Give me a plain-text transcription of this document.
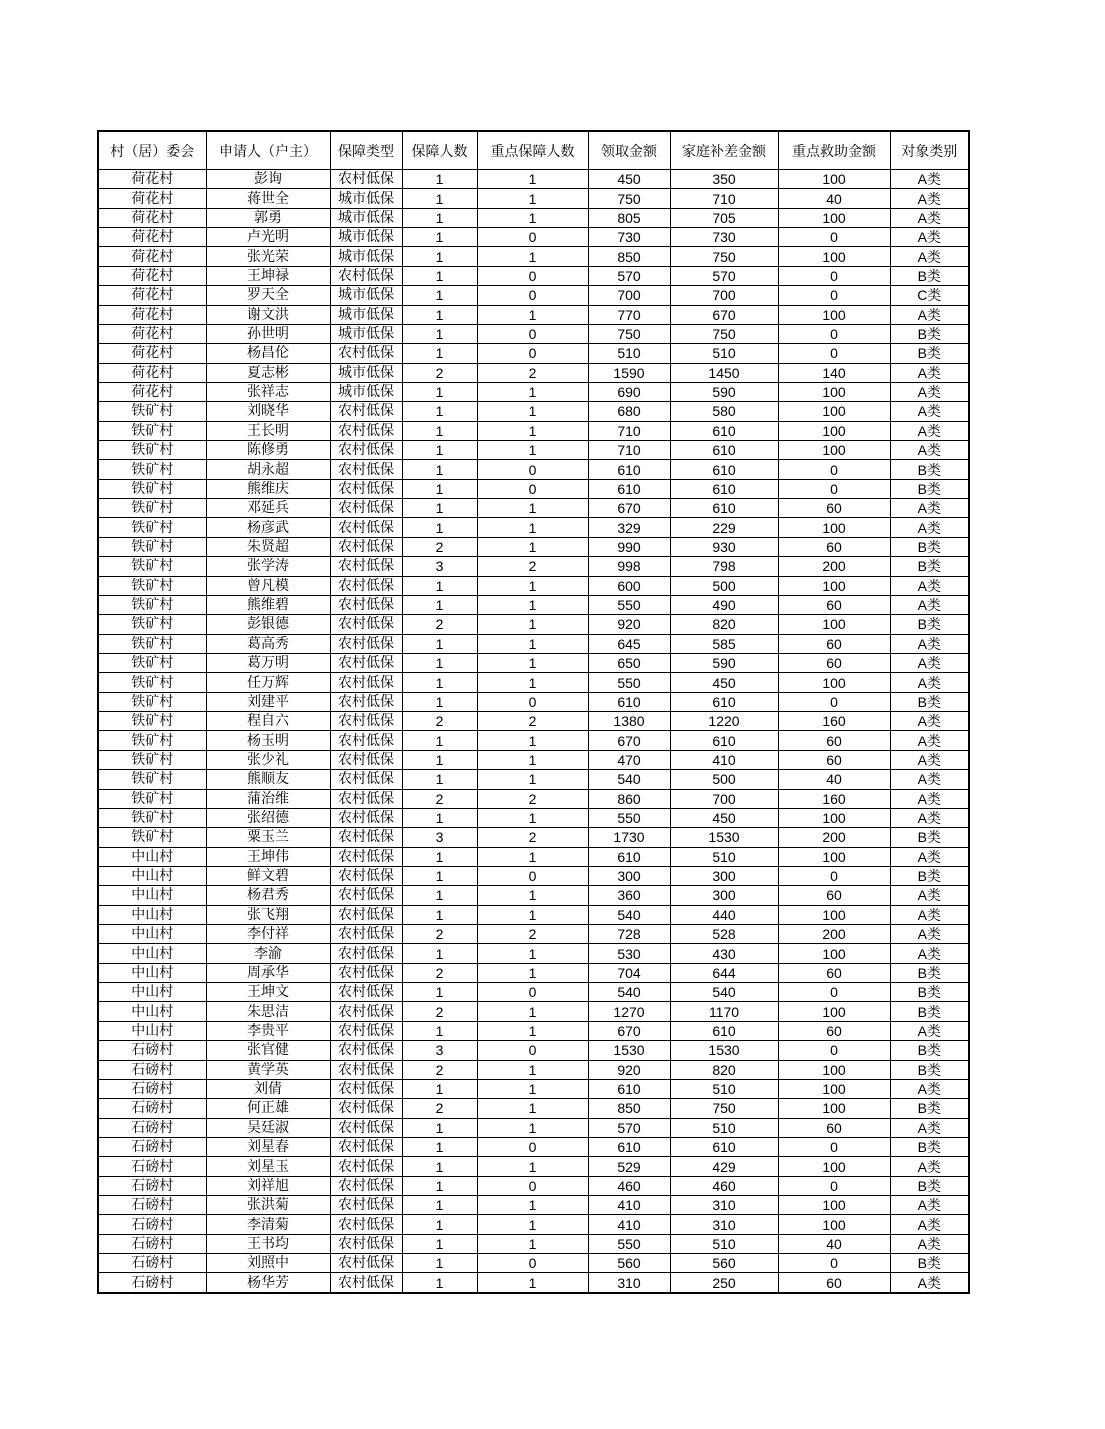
村（居）委会	申请人（户主）	保障类型	保障人数	重点保障人数	领取金额	家庭补差金额	重点救助金额	对象类别
荷花村	彭询	农村低保	1	1	450	350	100	A类
荷花村	蒋世全	城市低保	1	1	750	710	40	A类
荷花村	郭勇	城市低保	1	1	805	705	100	A类
荷花村	卢光明	城市低保	1	0	730	730	0	A类
荷花村	张光荣	城市低保	1	1	850	750	100	A类
荷花村	王坤禄	农村低保	1	0	570	570	0	B类
荷花村	罗天全	城市低保	1	0	700	700	0	C类
荷花村	谢文洪	城市低保	1	1	770	670	100	A类
荷花村	孙世明	城市低保	1	0	750	750	0	B类
荷花村	杨昌伦	农村低保	1	0	510	510	0	B类
荷花村	夏志彬	城市低保	2	2	1590	1450	140	A类
荷花村	张祥志	城市低保	1	1	690	590	100	A类
铁矿村	刘晓华	农村低保	1	1	680	580	100	A类
铁矿村	王长明	农村低保	1	1	710	610	100	A类
铁矿村	陈修勇	农村低保	1	1	710	610	100	A类
铁矿村	胡永超	农村低保	1	0	610	610	0	B类
铁矿村	熊维庆	农村低保	1	0	610	610	0	B类
铁矿村	邓延兵	农村低保	1	1	670	610	60	A类
铁矿村	杨彦武	农村低保	1	1	329	229	100	A类
铁矿村	朱贤超	农村低保	2	1	990	930	60	B类
铁矿村	张学涛	农村低保	3	2	998	798	200	B类
铁矿村	曾凡模	农村低保	1	1	600	500	100	A类
铁矿村	熊维碧	农村低保	1	1	550	490	60	A类
铁矿村	彭银德	农村低保	2	1	920	820	100	B类
铁矿村	葛高秀	农村低保	1	1	645	585	60	A类
铁矿村	葛万明	农村低保	1	1	650	590	60	A类
铁矿村	任万辉	农村低保	1	1	550	450	100	A类
铁矿村	刘建平	农村低保	1	0	610	610	0	B类
铁矿村	程自六	农村低保	2	2	1380	1220	160	A类
铁矿村	杨玉明	农村低保	1	1	670	610	60	A类
铁矿村	张少礼	农村低保	1	1	470	410	60	A类
铁矿村	熊顺友	农村低保	1	1	540	500	40	A类
铁矿村	蒲治维	农村低保	2	2	860	700	160	A类
铁矿村	张绍德	农村低保	1	1	550	450	100	A类
铁矿村	粟玉兰	农村低保	3	2	1730	1530	200	B类
中山村	王坤伟	农村低保	1	1	610	510	100	A类
中山村	鲜文碧	农村低保	1	0	300	300	0	B类
中山村	杨君秀	农村低保	1	1	360	300	60	A类
中山村	张飞翔	农村低保	1	1	540	440	100	A类
中山村	李付祥	农村低保	2	2	728	528	200	A类
中山村	李渝	农村低保	1	1	530	430	100	A类
中山村	周承华	农村低保	2	1	704	644	60	B类
中山村	王坤文	农村低保	1	0	540	540	0	B类
中山村	朱思洁	农村低保	2	1	1270	1170	100	B类
中山村	李贵平	农村低保	1	1	670	610	60	A类
石磅村	张官健	农村低保	3	0	1530	1530	0	B类
石磅村	黄学英	农村低保	2	1	920	820	100	B类
石磅村	刘倩	农村低保	1	1	610	510	100	A类
石磅村	何正雄	农村低保	2	1	850	750	100	B类
石磅村	吴廷淑	农村低保	1	1	570	510	60	A类
石磅村	刘星春	农村低保	1	0	610	610	0	B类
石磅村	刘星玉	农村低保	1	1	529	429	100	A类
石磅村	刘祥旭	农村低保	1	0	460	460	0	B类
石磅村	张洪菊	农村低保	1	1	410	310	100	A类
石磅村	李清菊	农村低保	1	1	410	310	100	A类
石磅村	王书均	农村低保	1	1	550	510	40	A类
石磅村	刘照中	农村低保	1	0	560	560	0	B类
石磅村	杨华芳	农村低保	1	1	310	250	60	A类
